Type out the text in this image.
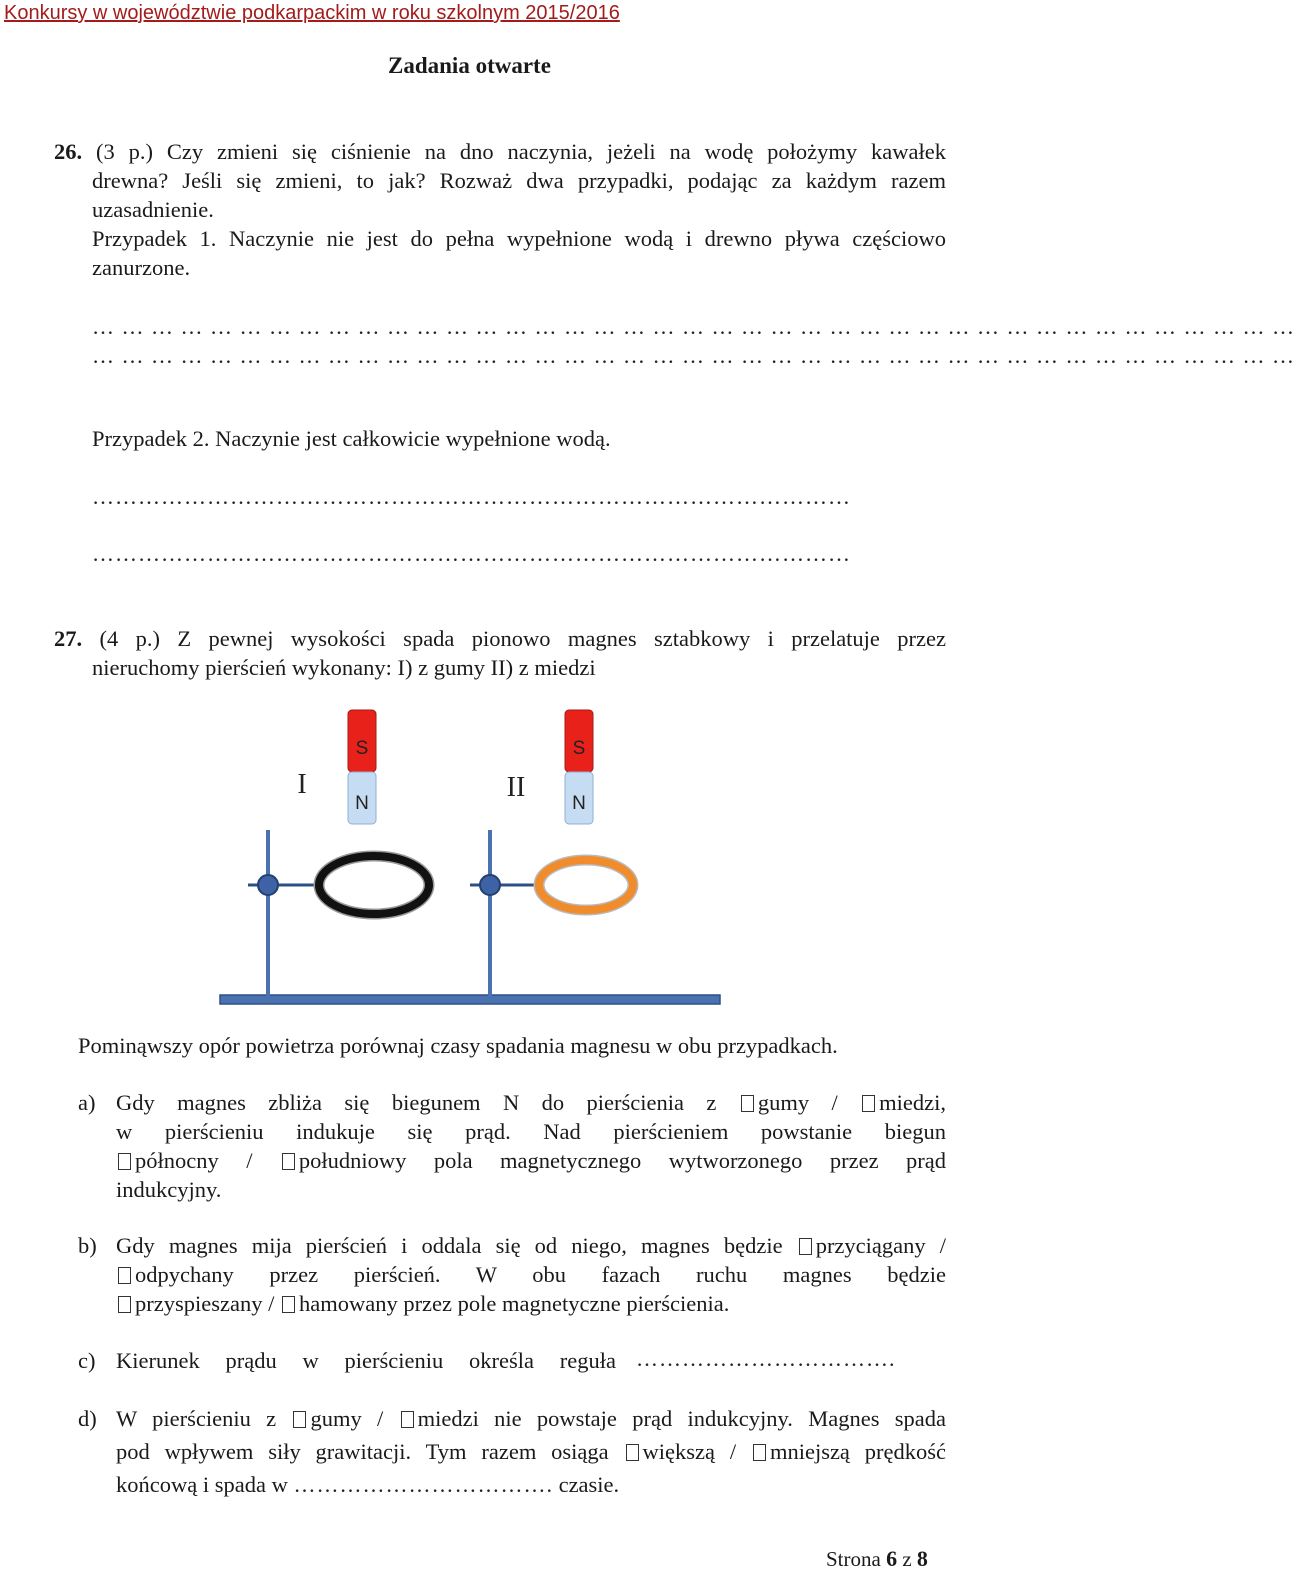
Konkursy w województwie podkarpackim w roku szkolnym 2015/2016
Zadania otwarte
26. (3 p.) Czy zmieni się ciśnienie na dno naczynia, jeżeli na wodę położymy kawałek
drewna? Jeśli się zmieni, to jak? Rozważ dwa przypadki, podając za każdym razem
uzasadnienie.
Przypadek 1. Naczynie nie jest do pełna wypełnione wodą i drewno pływa częściowo
zanurzone.
… … … … … … … … … … … … … … … … … … … … … … … … … … … … … … … … … … … … … … … … …
… … … … … … … … … … … … … … … … … … … … … … … … … … … … … … … … … … … … … … … … …
Przypadek 2. Naczynie jest całkowicie wypełnione wodą.
………………………………………………………………………………………
………………………………………………………………………………………
27. (4 p.) Z pewnej wysokości spada pionowo magnes sztabkowy i przelatuje przez
nieruchomy pierścień wykonany: I) z gumy II) z miedzi
S
N
S
N
I	II
Pominąwszy opór powietrza porównaj czasy spadania magnesu w obu przypadkach.
a) Gdy magnes zbliża się biegunem N do pierścienia z gumy / miedzi,
w pierścieniu indukuje się prąd. Nad pierścieniem powstanie biegun
północny / południowy pola magnetycznego wytworzonego przez prąd
indukcyjny.
b) Gdy magnes mija pierścień i oddala się od niego, magnes będzie przyciągany /
odpychany przez pierścień. W obu fazach ruchu magnes będzie
przyspieszany / hamowany przez pole magnetyczne pierścienia.
c) Kierunek prądu w pierścieniu określa reguła …………………………….
d) W pierścieniu z gumy / miedzi nie powstaje prąd indukcyjny. Magnes spada
pod wpływem siły grawitacji. Tym razem osiąga większą / mniejszą prędkość
końcową i spada w ……………………………. czasie.
Strona 6 z 8
